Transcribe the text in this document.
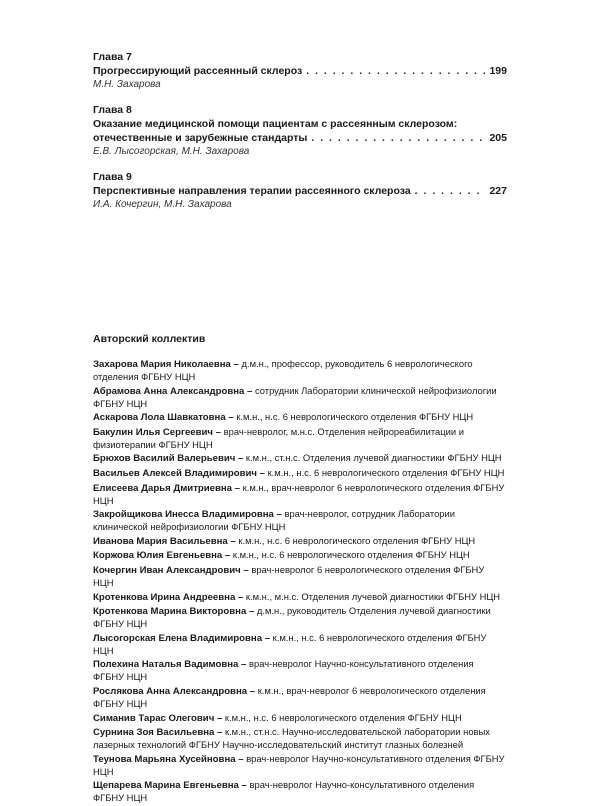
Глава 7
Прогрессирующий рассеянный склероз . . .	199
М.Н. Захарова
Глава 8
Оказание медицинской помощи пациентам с рассеянным склерозом:
отечественные и зарубежные стандарты . . .	205
Е.В. Лысогорская, М.Н. Захарова
Глава 9
Перспективные направления терапии рассеянного склероза . . .	227
И.А. Кочергин, М.Н. Захарова
Авторский коллектив
Захарова Мария Николаевна – д.м.н., профессор, руководитель 6 неврологического отделения ФГБНУ НЦН
Абрамова Анна Александровна – сотрудник Лаборатории клинической нейрофизиологии ФГБНУ НЦН
Аскарова Лола Шавкатовна – к.м.н., н.с. 6 неврологического отделения ФГБНУ НЦН
Бакулин Илья Сергеевич – врач-невролог, м.н.с. Отделения нейрореабилитации и физиотерапии ФГБНУ НЦН
Брюхов Василий Валерьевич – к.м.н., ст.н.с. Отделения лучевой диагностики ФГБНУ НЦН
Васильев Алексей Владимирович – к.м.н., н.с. 6 неврологического отделения ФГБНУ НЦН
Елисеева Дарья Дмитриевна – к.м.н., врач-невролог 6 неврологического отделения ФГБНУ НЦН
Закройщикова Инесса Владимировна – врач-невролог, сотрудник Лаборатории клинической нейрофизиологии ФГБНУ НЦН
Иванова Мария Васильевна – к.м.н., н.с. 6 неврологического отделения ФГБНУ НЦН
Коржова Юлия Евгеньевна – к.м.н., н.с. 6 неврологического отделения ФГБНУ НЦН
Кочергин Иван Александрович – врач-невролог 6 неврологического отделения ФГБНУ НЦН
Кротенкова Ирина Андреевна – к.м.н., м.н.с. Отделения лучевой диагностики ФГБНУ НЦН
Кротенкова Марина Викторовна – д.м.н., руководитель Отделения лучевой диагностики ФГБНУ НЦН
Лысогорская Елена Владимировна – к.м.н., н.с. 6 неврологического отделения ФГБНУ НЦН
Полехина Наталья Вадимовна – врач-невролог Научно-консультативного отделения ФГБНУ НЦН
Рослякова Анна Александровна – к.м.н., врач-невролог 6 неврологического отделения ФГБНУ НЦН
Симанив Тарас Олегович – к.м.н., н.с. 6 неврологического отделения ФГБНУ НЦН
Сурнина Зоя Васильевна – к.м.н., ст.н.с. Научно-исследовательской лаборатории новых лазерных технологий ФГБНУ Научно-исследовательский институт глазных болезней
Теунова Марьяна Хусейновна – врач-невролог Научно-консультативного отделения ФГБНУ НЦН
Щепарева Марина Евгеньевна – врач-невролог Научно-консультативного отделения ФГБНУ НЦН
